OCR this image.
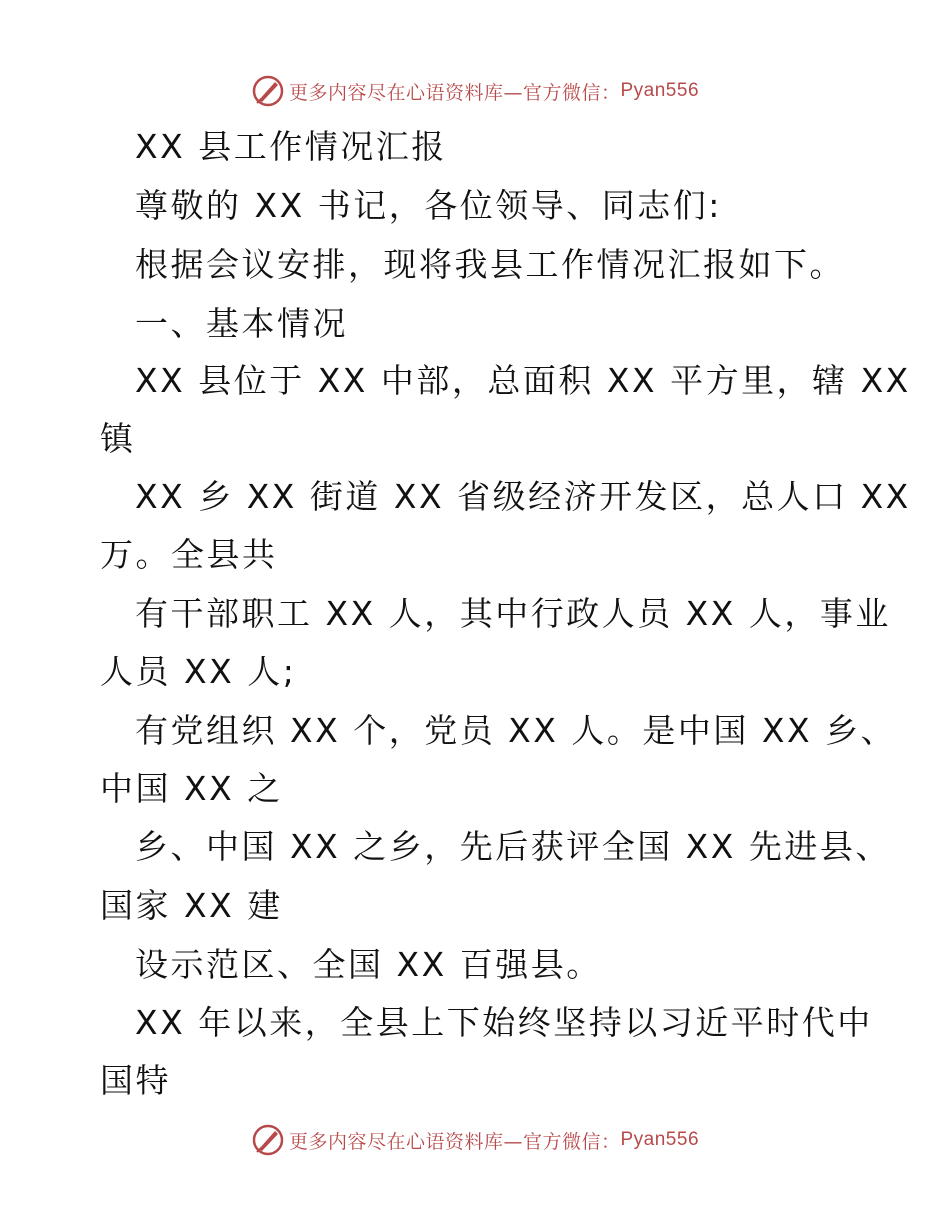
更多内容尽在心语资料库—官方微信： Pyan556
XX 县工作情况汇报
尊敬的 XX 书记，各位领导、同志们:
根据会议安排，现将我县工作情况汇报如下。
一、基本情况
XX 县位于 XX 中部，总面积 XX 平方里，辖 XX
镇
XX 乡 XX 街道 XX 省级经济开发区，总人口 XX
万。全县共
有干部职工 XX 人，其中行政人员 XX 人，事业
人员 XX 人;
有党组织 XX 个，党员 XX 人。是中国 XX 乡、
中国 XX 之
乡、中国 XX 之乡，先后获评全国 XX 先进县、
国家 XX 建
设示范区、全国 XX 百强县。
XX 年以来，全县上下始终坚持以习近平时代中
国特
更多内容尽在心语资料库—官方微信： Pyan556
